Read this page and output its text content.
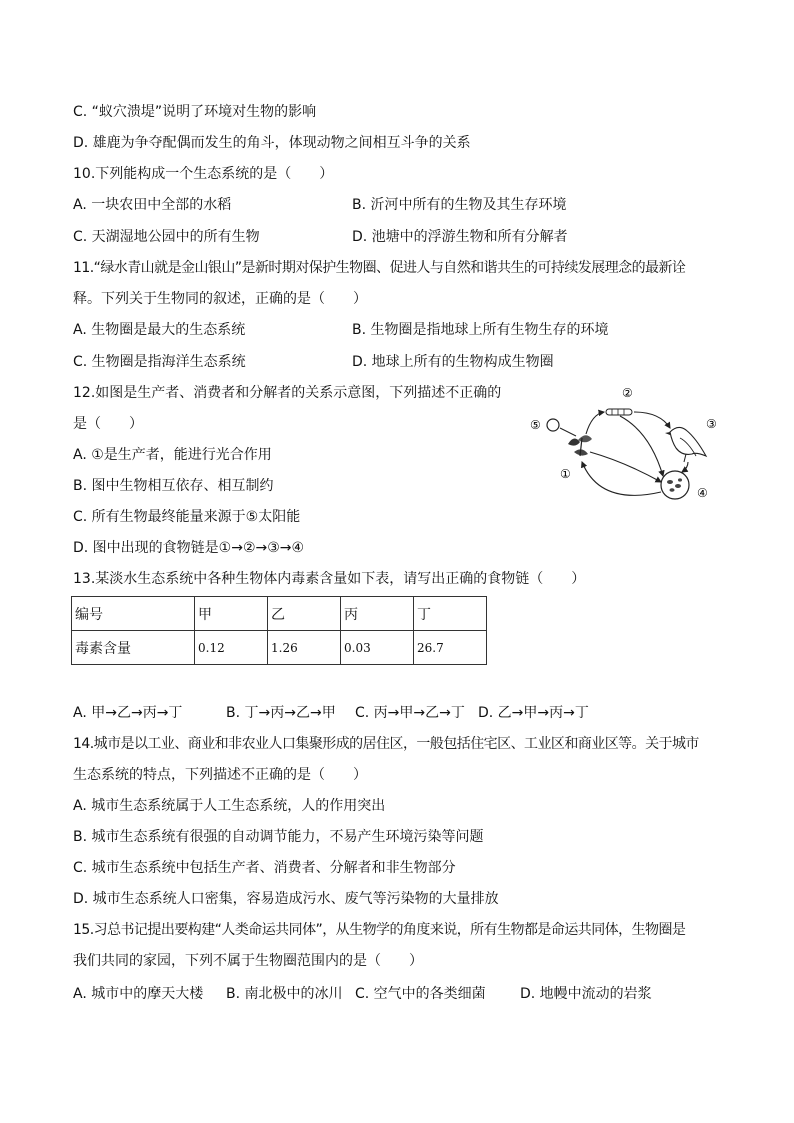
C. “蚁穴溃堤”说明了环境对生物的影响
D. 雄鹿为争夺配偶而发生的角斗，体现动物之间相互斗争的关系
10.下列能构成一个生态系统的是（　　）
A. 一块农田中全部的水稻	B. 沂河中所有的生物及其生存环境
C. 天湖湿地公园中的所有生物	D. 池塘中的浮游生物和所有分解者
11.“绿水青山就是金山银山”是新时期对保护生物圈、促进人与自然和谐共生的可持续发展理念的最新诠
释。下列关于生物同的叙述，正确的是（　　）
A. 生物圈是最大的生态系统	B. 生物圈是指地球上所有生物生存的环境
C. 生物圈是指海洋生态系统	D. 地球上所有的生物构成生物圈
12.如图是生产者、消费者和分解者的关系示意图，下列描述不正确的
是（　　）
A. ①是生产者，能进行光合作用
B. 图中生物相互依存、相互制约
C. 所有生物最终能量来源于⑤太阳能
D. 图中出现的食物链是①→②→③→④
⑤
①
②
③
④
13.某淡水生态系统中各种生物体内毒素含量如下表，请写出正确的食物链（　　）
编号	甲	乙	丙	丁
毒素含量	0.12	1.26	0.03	26.7
A. 甲→乙→丙→丁	B. 丁→丙→乙→甲 C. 丙→甲→乙→丁 D. 乙→甲→丙→丁
14.城市是以工业、商业和非农业人口集聚形成的居住区，一般包括住宅区、工业区和商业区等。关于城市
生态系统的特点，下列描述不正确的是（　　）
A. 城市生态系统属于人工生态系统，人的作用突出
B. 城市生态系统有很强的自动调节能力，不易产生环境污染等问题
C. 城市生态系统中包括生产者、消费者、分解者和非生物部分
D. 城市生态系统人口密集，容易造成污水、废气等污染物的大量排放
15.习总书记提出要构建“人类命运共同体”，从生物学的角度来说，所有生物都是命运共同体，生物圈是
我们共同的家园，下列不属于生物圈范围内的是（　　）
A. 城市中的摩天大楼 B. 南北极中的冰川 C. 空气中的各类细菌 D. 地幔中流动的岩浆
